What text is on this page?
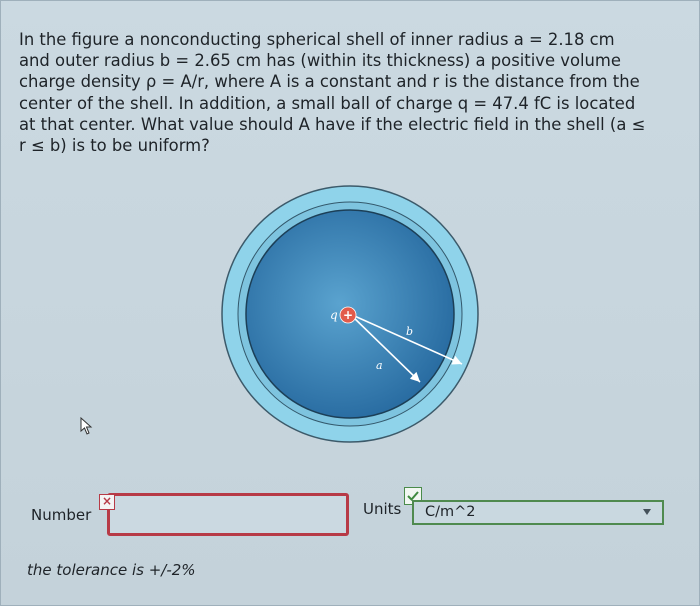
In the figure a nonconducting spherical shell of inner radius a = 2.18 cm
and outer radius b = 2.65 cm has (within its thickness) a positive volume
charge density ρ = A/r, where A is a constant and r is the distance from the
center of the shell. In addition, a small ball of charge q = 47.4 fC is located
at that center. What value should A have if the electric field in the shell (a ≤
r ≤ b) is to be uniform?

+
q
b
a
Number
×	Units	C/m^2
the tolerance is +/-2%
